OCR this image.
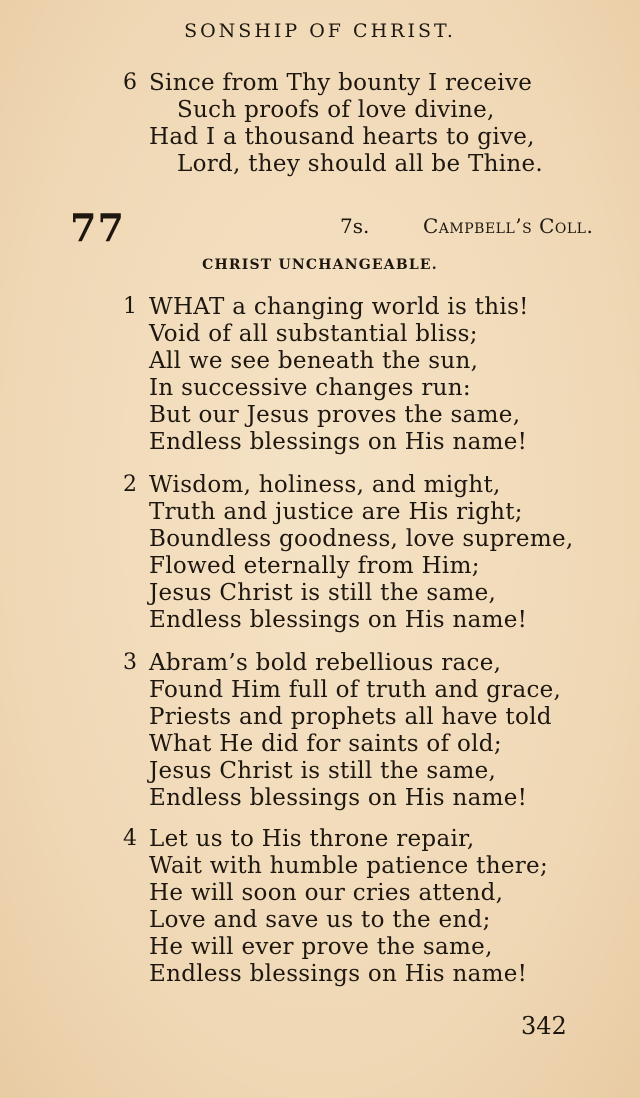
SONSHIP OF CHRIST.
6 Since from Thy bounty I receive
Such proofs of love divine,
Had I a thousand hearts to give,
Lord, they should all be Thine.
77	7s.	Campbell’s Coll.
CHRIST UNCHANGEABLE.
1 WHAT a changing world is this!
Void of all substantial bliss;
All we see beneath the sun,
In successive changes run:
But our Jesus proves the same,
Endless blessings on His name!
2 Wisdom, holiness, and might,
Truth and justice are His right;
Boundless goodness, love supreme,
Flowed eternally from Him;
Jesus Christ is still the same,
Endless blessings on His name!
3 Abram’s bold rebellious race,
Found Him full of truth and grace,
Priests and prophets all have told
What He did for saints of old;
Jesus Christ is still the same,
Endless blessings on His name!
4 Let us to His throne repair,
Wait with humble patience there;
He will soon our cries attend,
Love and save us to the end;
He will ever prove the same,
Endless blessings on His name!
342
